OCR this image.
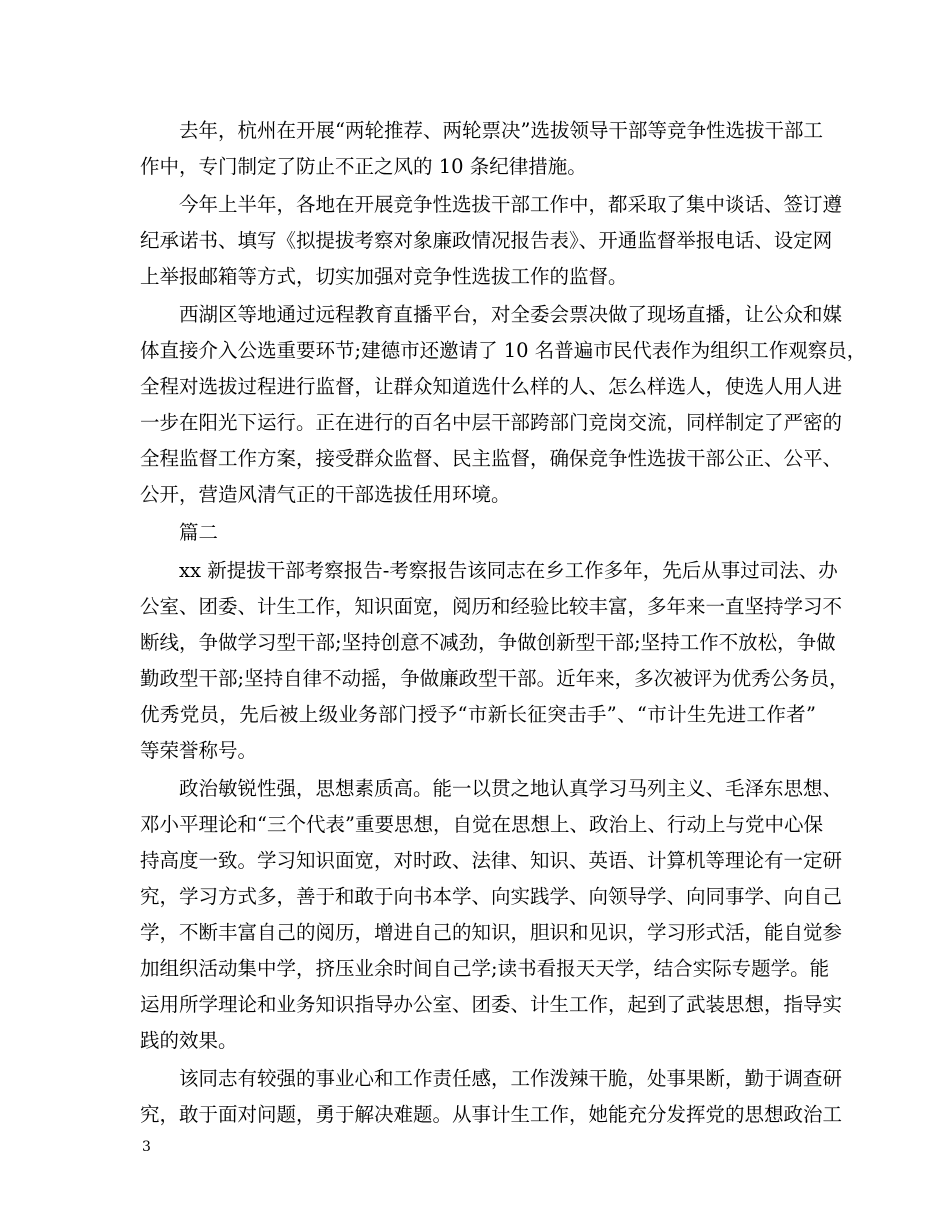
去年，杭州在开展“两轮推荐、两轮票决”选拔领导干部等竞争性选拔干部工
作中，专门制定了防止不正之风的 10 条纪律措施。
今年上半年，各地在开展竞争性选拔干部工作中，都采取了集中谈话、签订遵
纪承诺书、填写《拟提拔考察对象廉政情况报告表》、开通监督举报电话、设定网
上举报邮箱等方式，切实加强对竞争性选拔工作的监督。
西湖区等地通过远程教育直播平台，对全委会票决做了现场直播，让公众和媒
体直接介入公选重要环节;建德市还邀请了 10 名普遍市民代表作为组织工作观察员，
全程对选拔过程进行监督，让群众知道选什么样的人、怎么样选人，使选人用人进
一步在阳光下运行。正在进行的百名中层干部跨部门竞岗交流，同样制定了严密的
全程监督工作方案，接受群众监督、民主监督，确保竞争性选拔干部公正、公平、
公开，营造风清气正的干部选拔任用环境。
篇二
xx 新提拔干部考察报告-考察报告该同志在乡工作多年，先后从事过司法、办
公室、团委、计生工作，知识面宽，阅历和经验比较丰富，多年来一直坚持学习不
断线，争做学习型干部;坚持创意不减劲，争做创新型干部;坚持工作不放松，争做
勤政型干部;坚持自律不动摇，争做廉政型干部。近年来，多次被评为优秀公务员，
优秀党员，先后被上级业务部门授予“市新长征突击手”、“市计生先进工作者”
等荣誉称号。
政治敏锐性强，思想素质高。能一以贯之地认真学习马列主义、毛泽东思想、
邓小平理论和“三个代表”重要思想，自觉在思想上、政治上、行动上与党中心保
持高度一致。学习知识面宽，对时政、法律、知识、英语、计算机等理论有一定研
究，学习方式多，善于和敢于向书本学、向实践学、向领导学、向同事学、向自己
学，不断丰富自己的阅历，增进自己的知识，胆识和见识，学习形式活，能自觉参
加组织活动集中学，挤压业余时间自己学;读书看报天天学，结合实际专题学。能
运用所学理论和业务知识指导办公室、团委、计生工作，起到了武装思想，指导实
践的效果。
该同志有较强的事业心和工作责任感，工作泼辣干脆，处事果断，勤于调查研
究，敢于面对问题，勇于解决难题。从事计生工作，她能充分发挥党的思想政治工
3
